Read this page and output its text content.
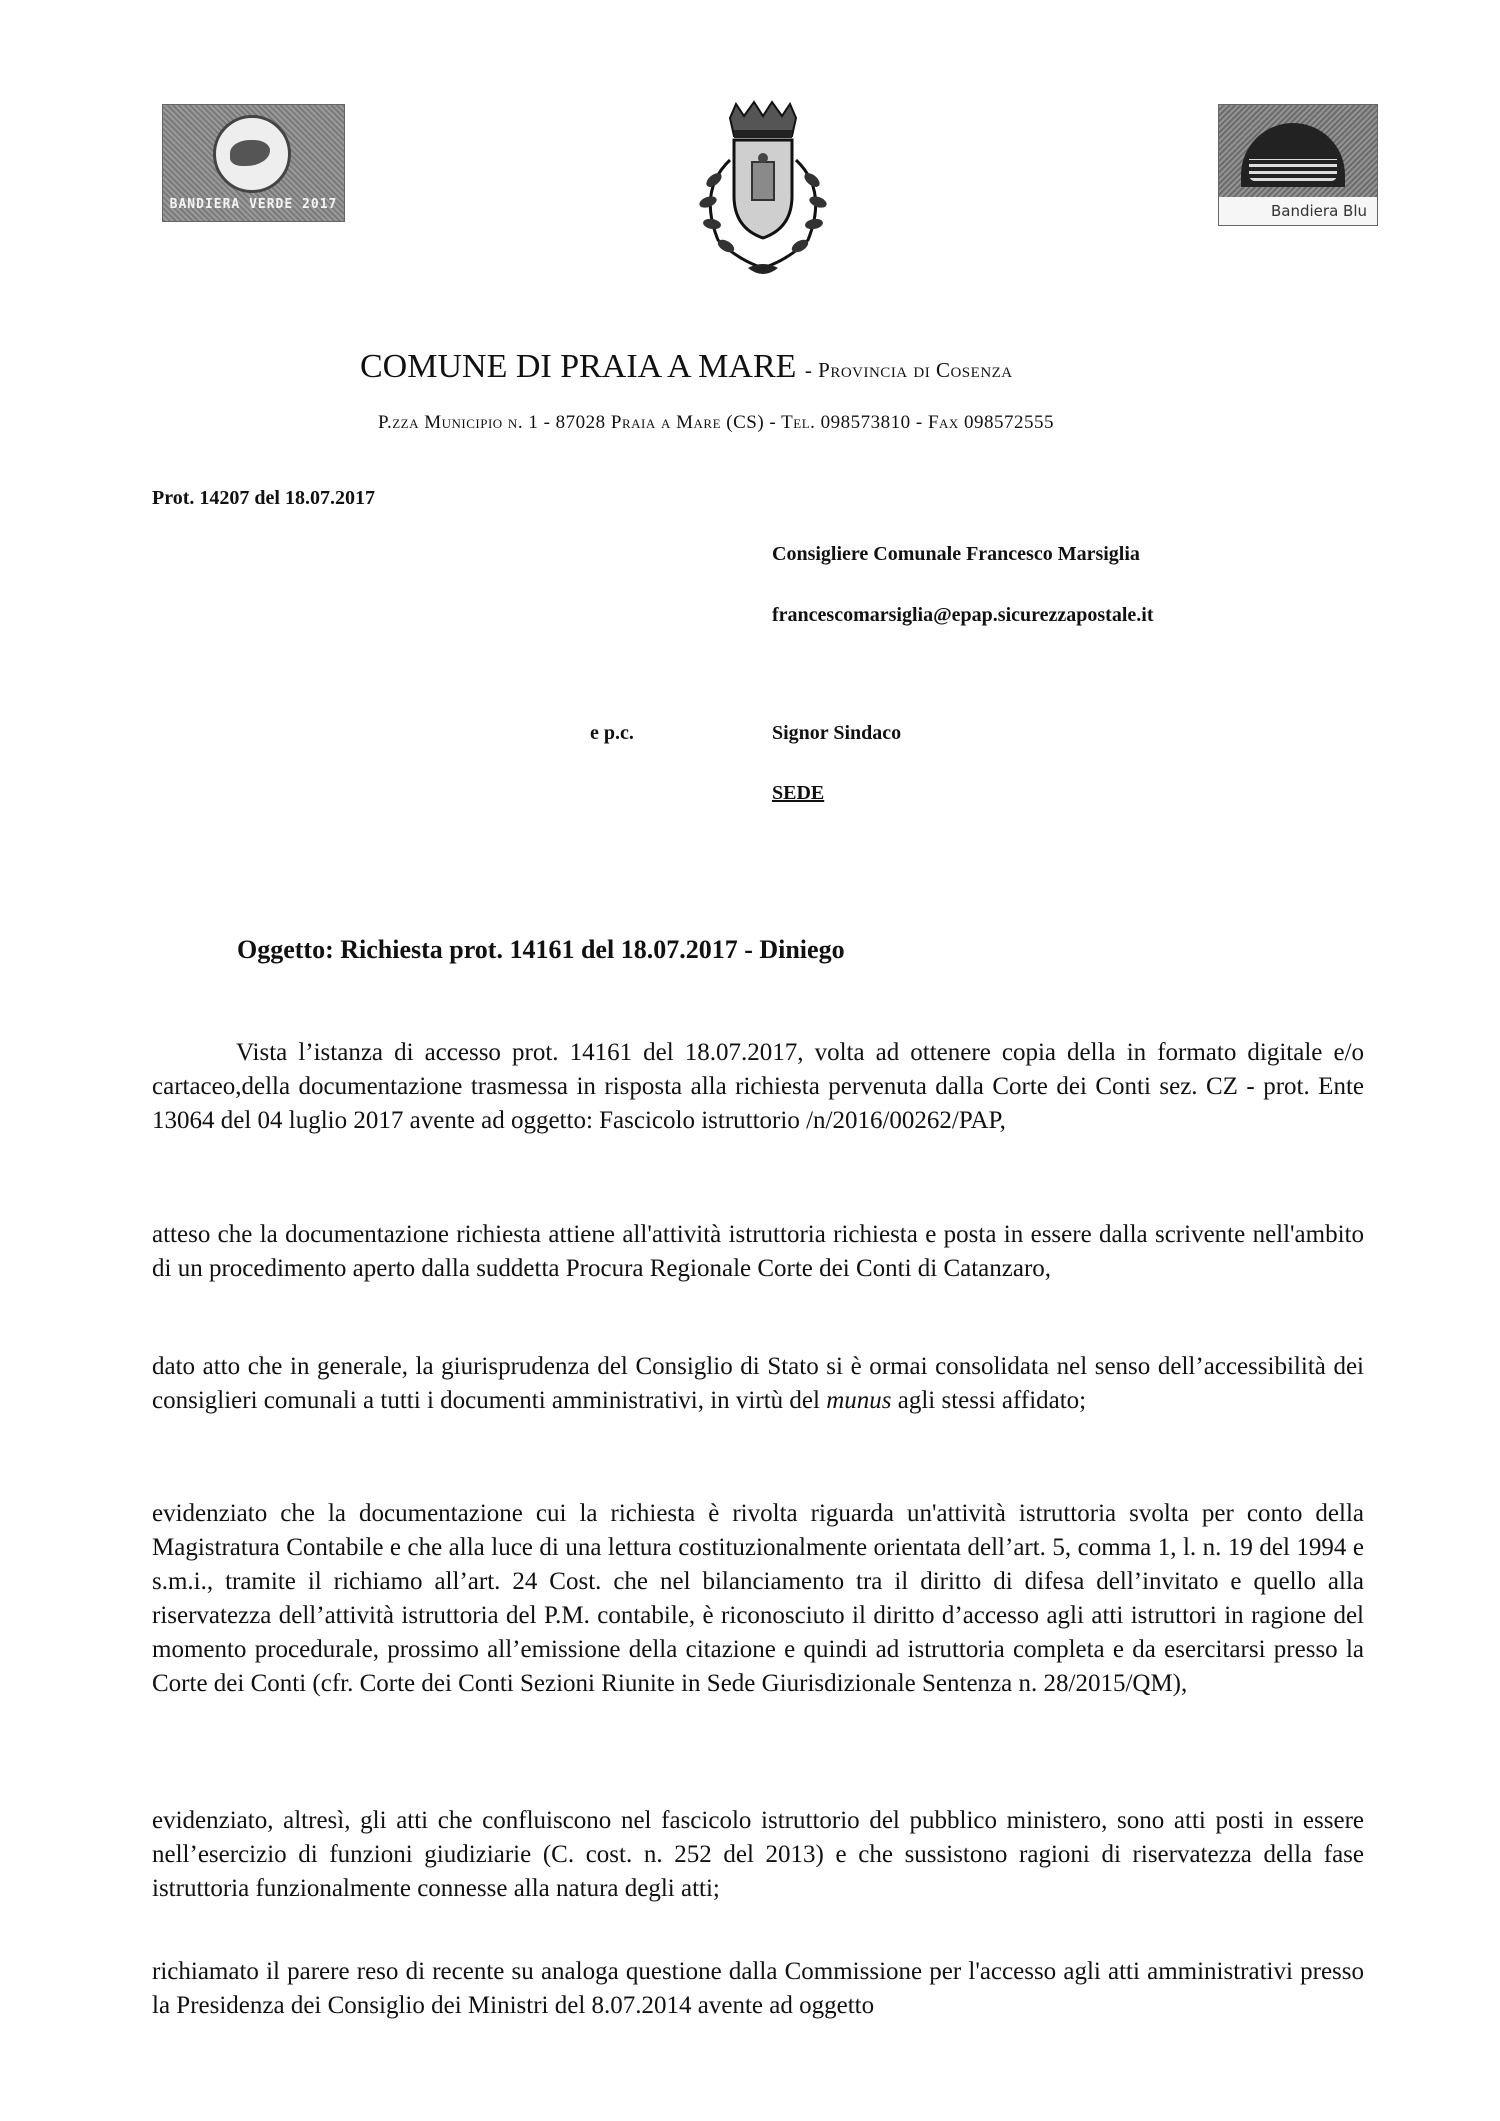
BANDIERA VERDE 2017	Bandiera Blu
COMUNE DI PRAIA A MARE - Provincia di Cosenza
P.zza Municipio n. 1 - 87028 Praia a Mare (CS) - Tel. 098573810 - Fax 098572555
Prot. 14207 del 18.07.2017
Consigliere Comunale Francesco Marsiglia
francescomarsiglia@epap.sicurezzapostale.it
e p.c.	Signor Sindaco
SEDE
Oggetto: Richiesta prot. 14161 del 18.07.2017 - Diniego
Vista l’istanza di accesso prot. 14161 del 18.07.2017, volta ad ottenere copia della in formato digitale e/o cartaceo,della documentazione trasmessa in risposta alla richiesta pervenuta dalla Corte dei Conti sez. CZ - prot. Ente 13064 del 04 luglio 2017 avente ad oggetto: Fascicolo istruttorio /n/2016/00262/PAP,
atteso che la documentazione richiesta attiene all'attività istruttoria richiesta e posta in essere dalla scrivente nell'ambito di un procedimento aperto dalla suddetta Procura Regionale Corte dei Conti di Catanzaro,
dato atto che in generale, la giurisprudenza del Consiglio di Stato si è ormai consolidata nel senso dell’accessibilità dei consiglieri comunali a tutti i documenti amministrativi, in virtù del munus agli stessi affidato;
evidenziato che la documentazione cui la richiesta è rivolta riguarda un'attività istruttoria svolta per conto della Magistratura Contabile e che alla luce di una lettura costituzionalmente orientata dell’art. 5, comma 1, l. n. 19 del 1994 e s.m.i., tramite il richiamo all’art. 24 Cost. che nel bilanciamento tra il diritto di difesa dell’invitato e quello alla riservatezza dell’attività istruttoria del P.M. contabile, è riconosciuto il diritto d’accesso agli atti istruttori in ragione del momento procedurale, prossimo all’emissione della citazione e quindi ad istruttoria completa e da esercitarsi presso la Corte dei Conti (cfr. Corte dei Conti Sezioni Riunite in Sede Giurisdizionale Sentenza n. 28/2015/QM),
evidenziato, altresì, gli atti che confluiscono nel fascicolo istruttorio del pubblico ministero, sono atti posti in essere nell’esercizio di funzioni giudiziarie (C. cost. n. 252 del 2013) e che sussistono ragioni di riservatezza della fase istruttoria funzionalmente connesse alla natura degli atti;
richiamato il parere reso di recente su analoga questione dalla Commissione per l'accesso agli atti amministrativi presso la Presidenza dei Consiglio dei Ministri del 8.07.2014 avente ad oggetto
